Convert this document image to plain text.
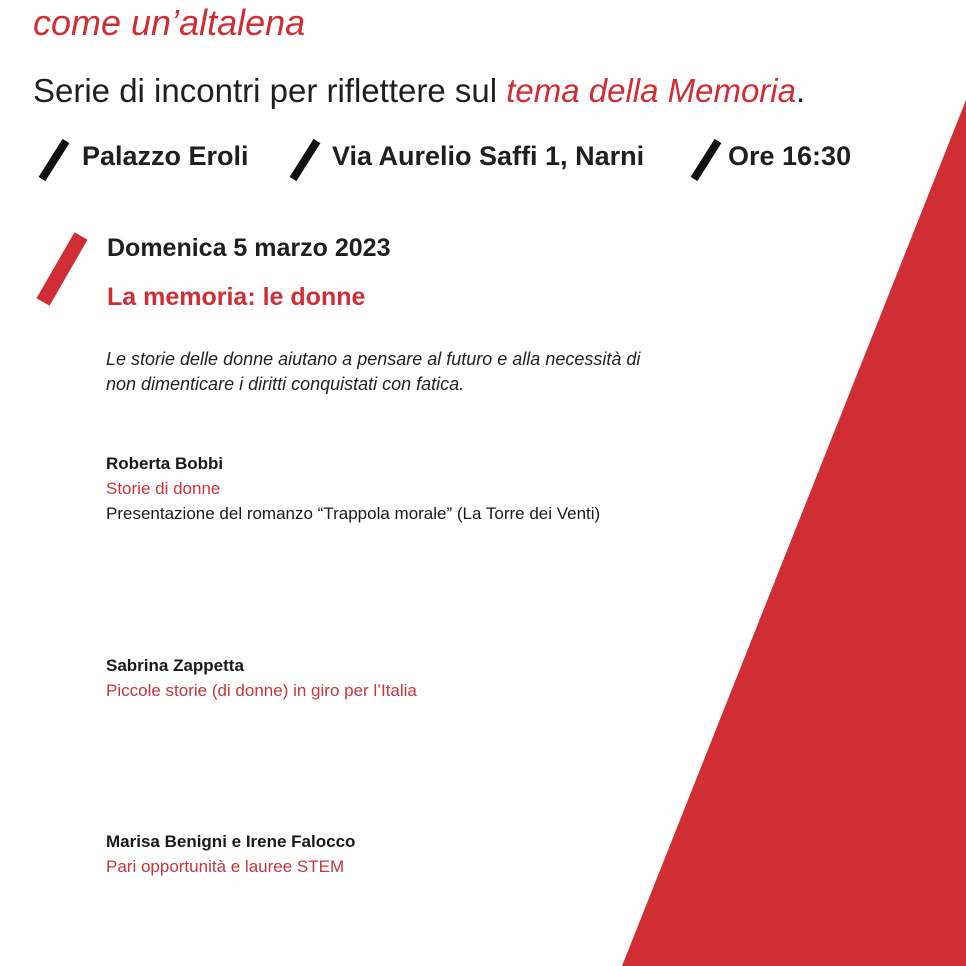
come un’altalena
Serie di incontri per riflettere sul tema della Memoria.
Palazzo Eroli	Via Aurelio Saffi 1, Narni	Ore 16:30
Domenica 5 marzo 2023
La memoria: le donne
Le storie delle donne aiutano a pensare al futuro e alla necessità di
non dimenticare i diritti conquistati con fatica.
Roberta Bobbi
Storie di donne
Presentazione del romanzo “Trappola morale” (La Torre dei Venti)
Sabrina Zappetta
Piccole storie (di donne) in giro per l’Italia
Marisa Benigni e Irene Falocco
Pari opportunità e lauree STEM
